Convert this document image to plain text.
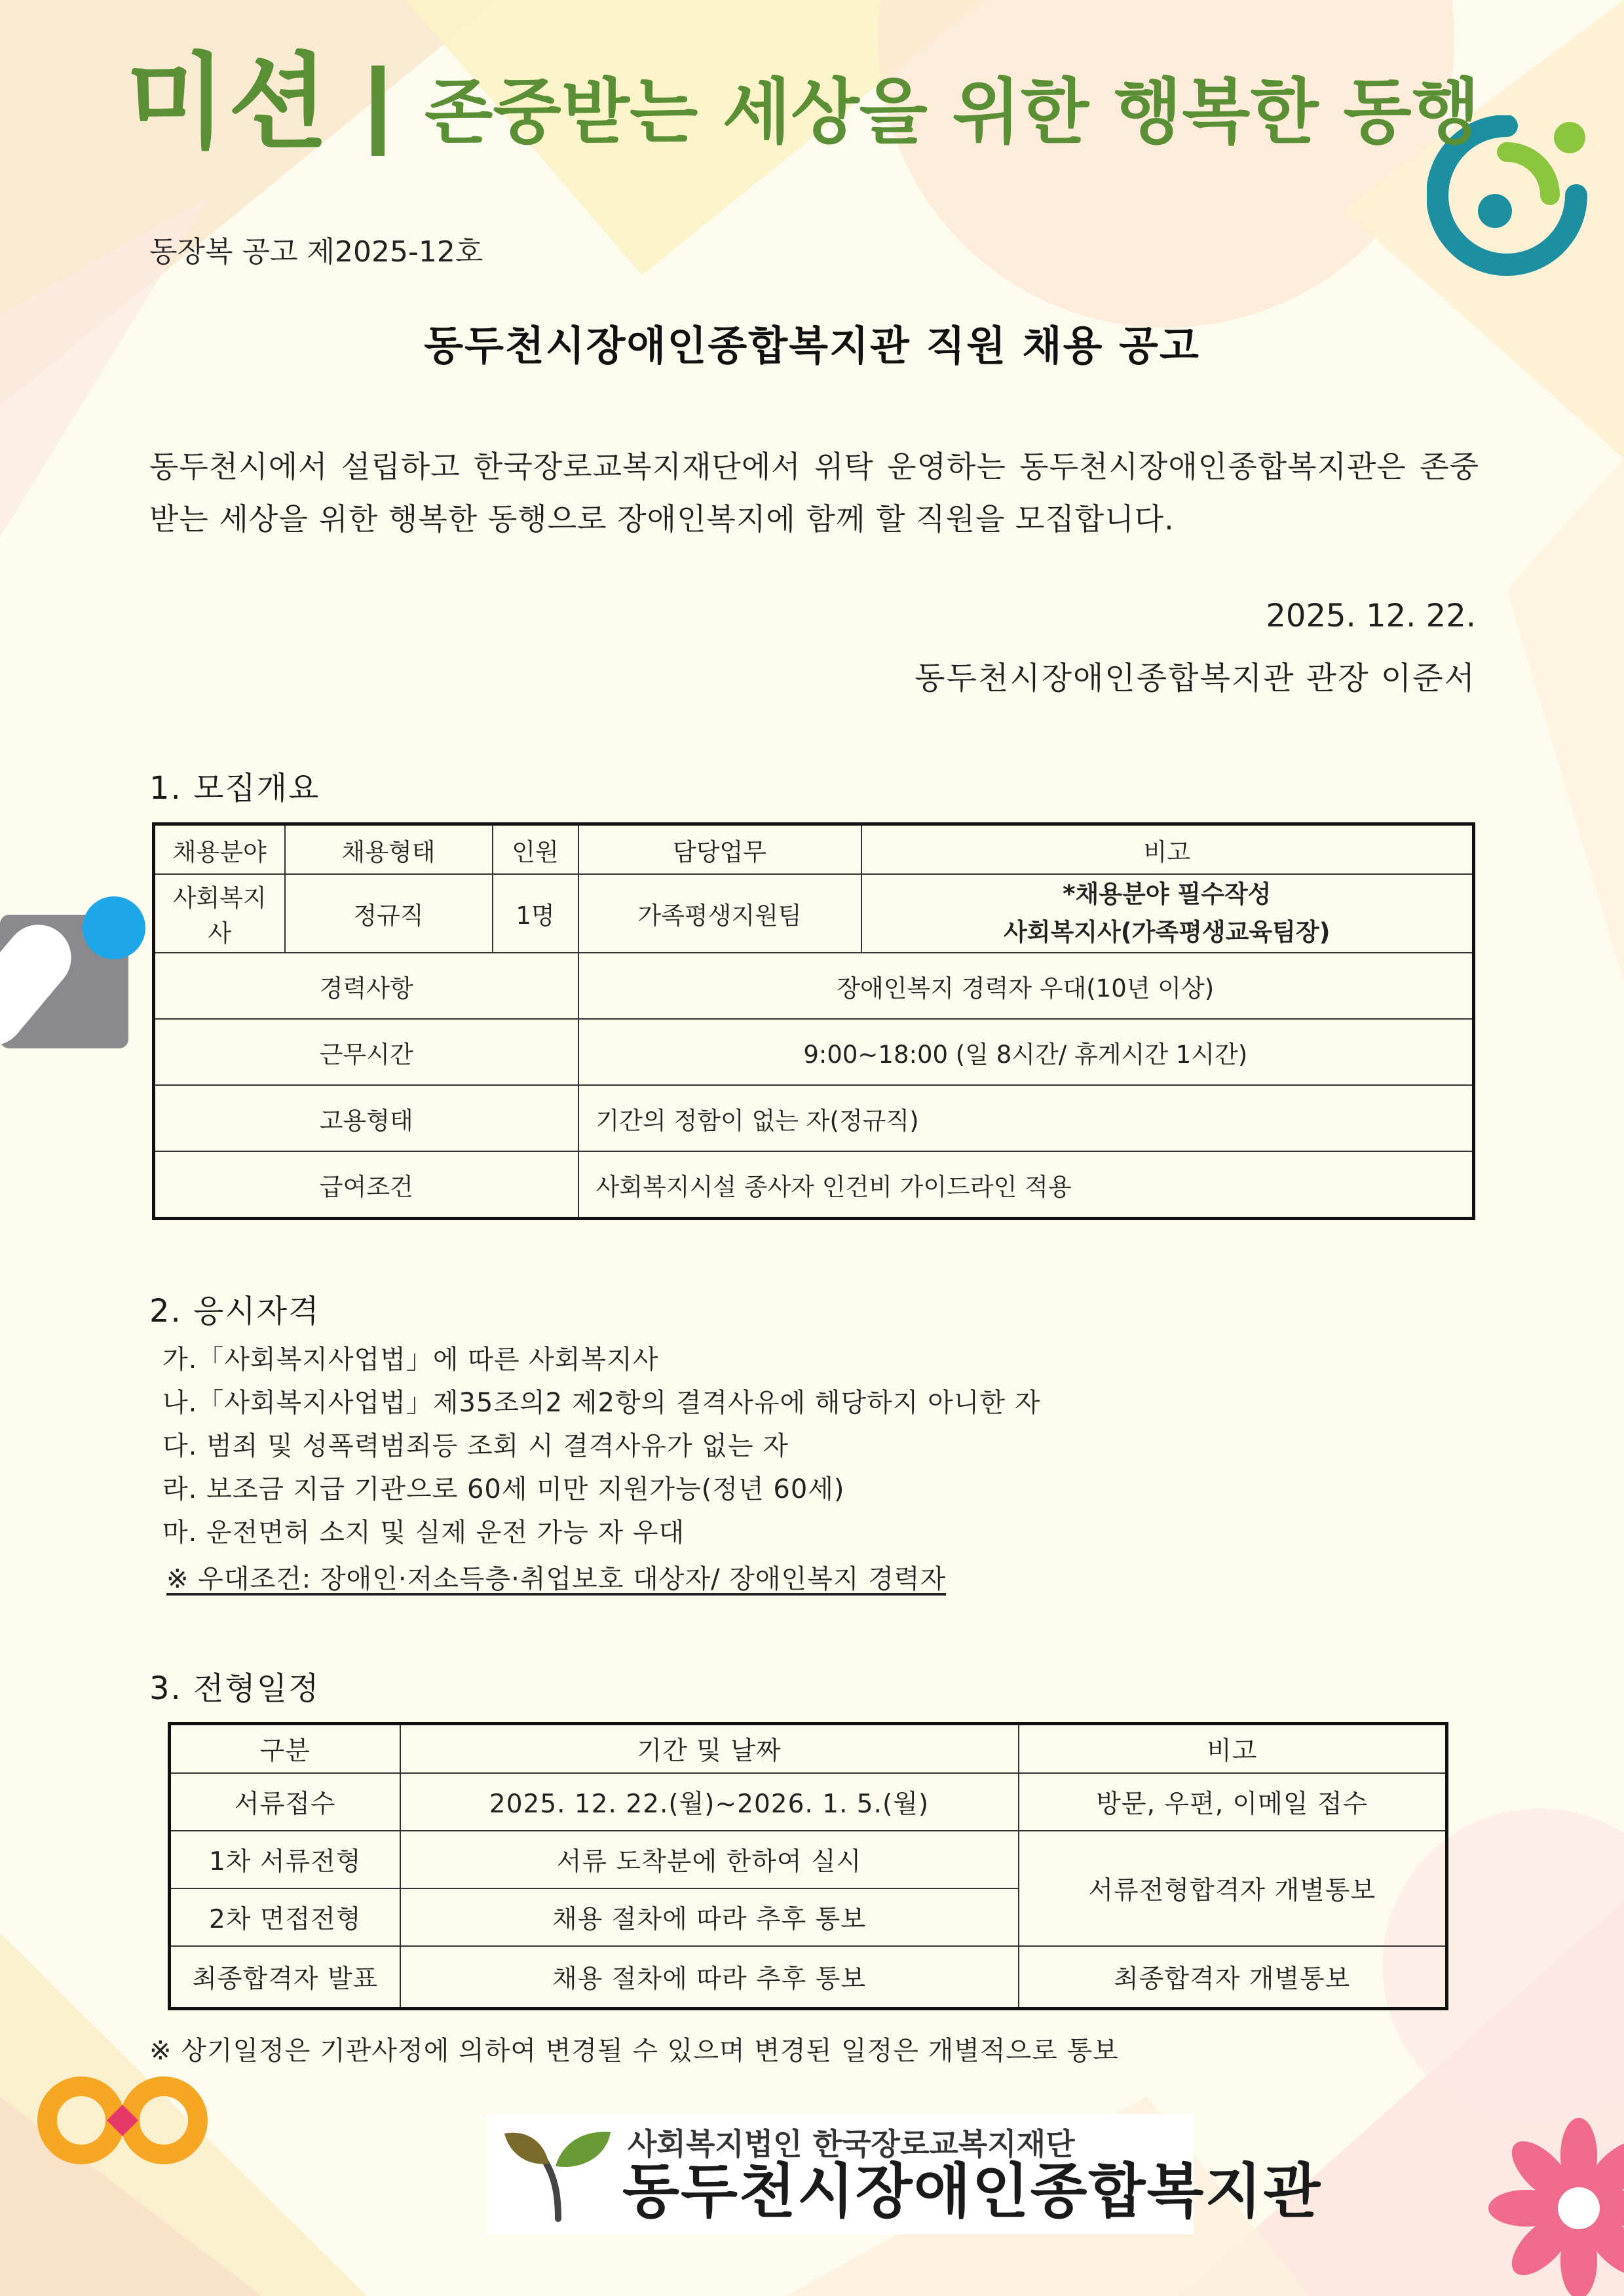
미션 존중받는 세상을 위한 행복한 동행
동장복 공고 제2025-12호
동두천시장애인종합복지관 직원 채용 공고
동두천시에서 설립하고 한국장로교복지재단에서 위탁 운영하는 동두천시장애인종합복지관은 존중받는 세상을 위한 행복한 동행으로 장애인복지에 함께 할 직원을 모집합니다.
2025. 12. 22.
동두천시장애인종합복지관 관장 이준서
1. 모집개요
채용분야	채용형태	인원	담당업무	비고
사회복지사	정규직	1명	가족평생지원팀	*채용분야 필수작성
사회복지사(가족평생교육팀장)

경력사항			장애인복지 경력자 우대(10년 이상)	
근무시간			9:00~18:00 (일 8시간/ 휴게시간 1시간)	
고용형태			기간의 정함이 없는 자(정규직)	
급여조건			사회복지시설 종사자 인건비 가이드라인 적용	
2. 응시자격
가.「사회복지사업법」에 따른 사회복지사
나.「사회복지사업법」제35조의2 제2항의 결격사유에 해당하지 아니한 자
다. 범죄 및 성폭력범죄등 조회 시 결격사유가 없는 자
라. 보조금 지급 기관으로 60세 미만 지원가능(정년 60세)
마. 운전면허 소지 및 실제 운전 가능 자 우대
※ 우대조건: 장애인·저소득층·취업보호 대상자/ 장애인복지 경력자
3. 전형일정
구분	기간 및 날짜	비고
서류접수	2025. 12. 22.(월)~2026. 1. 5.(월)	방문, 우편, 이메일 접수
1차 서류전형	서류 도착분에 한하여 실시	서류전형합격자 개별통보
2차 면접전형	채용 절차에 따라 추후 통보	
최종합격자 발표	채용 절차에 따라 추후 통보	최종합격자 개별통보
※ 상기일정은 기관사정에 의하여 변경될 수 있으며 변경된 일정은 개별적으로 통보
사회복지법인 한국장로교복지재단
동두천시장애인종합복지관
